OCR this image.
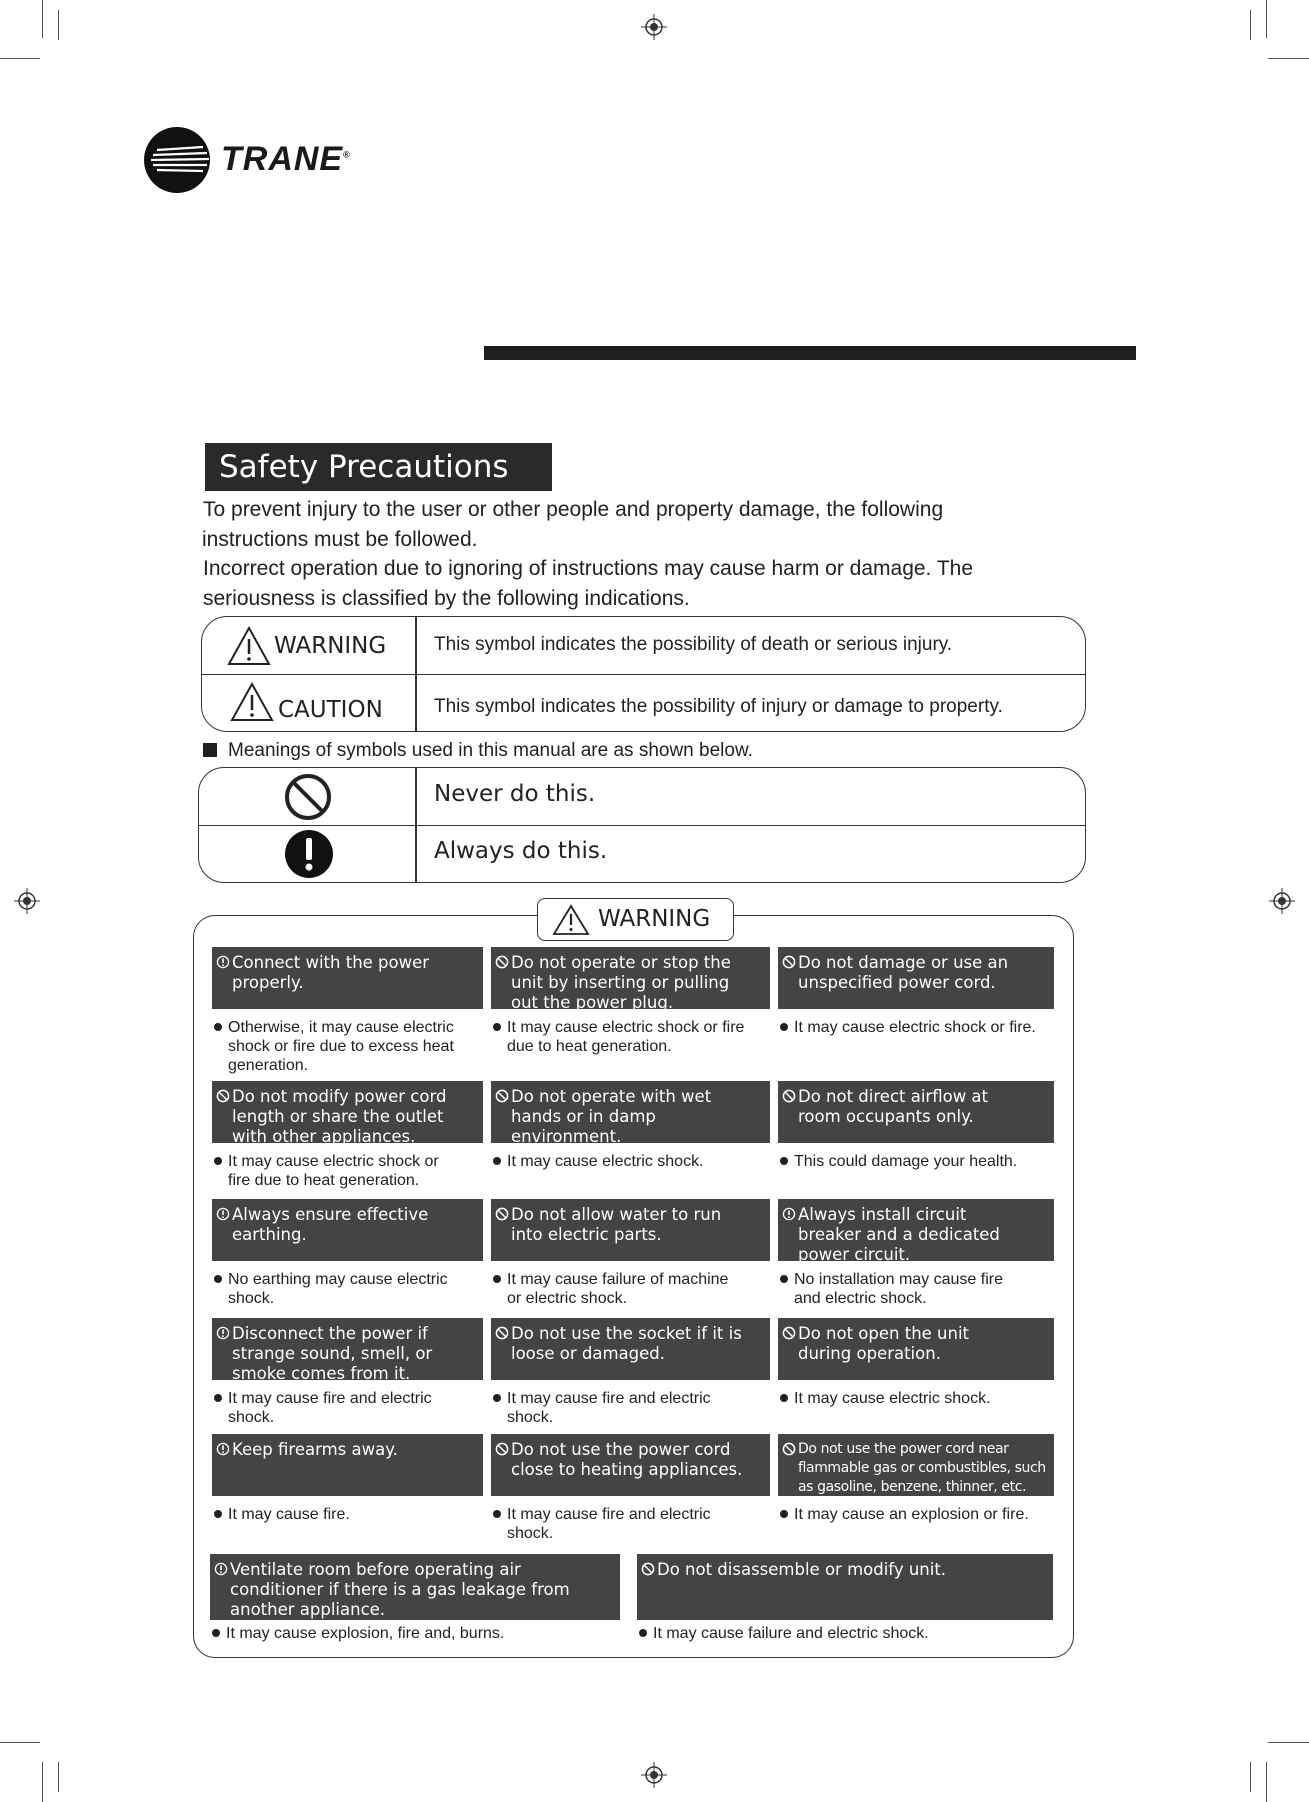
TRANE®
Safety Precautions
To prevent injury to the user or other people and property damage, the following
instructions must be followed.
Incorrect operation due to ignoring of instructions may cause harm or damage. The
seriousness is classified by the following indications.
WARNING	This symbol indicates the possibility of death or serious injury.
CAUTION	This symbol indicates the possibility of injury or damage to property.
Meanings of symbols used in this manual are as shown below.
Never do this.
Always do this.
WARNING
Connect with the power
properly.
Otherwise, it may cause electric
shock or fire due to excess heat
generation.
Do not operate or stop the
unit by inserting or pulling
out the power plug.
It may cause electric shock or fire
due to heat generation.
Do not damage or use an
unspecified power cord.
It may cause electric shock or fire.
Do not modify power cord
length or share the outlet
with other appliances.
It may cause electric shock or
fire due to heat generation.
Do not operate with wet
hands or in damp
environment.
It may cause electric shock.
Do not direct airflow at
room occupants only.
This could damage your health.
Always ensure effective
earthing.
No earthing may cause electric
shock.
Do not allow water to run
into electric parts.
It may cause failure of machine
or electric shock.
Always install circuit
breaker and a dedicated
power circuit.
No installation may cause fire
and electric shock.
Disconnect the power if
strange sound, smell, or
smoke comes from it.
It may cause fire and electric
shock.
Do not use the socket if it is
loose or damaged.
It may cause fire and electric
shock.
Do not open the unit
during operation.
It may cause electric shock.
Keep firearms away.
It may cause fire.
Do not use the power cord
close to heating appliances.
It may cause fire and electric
shock.
Do not use the power cord near
flammable gas or combustibles, such
as gasoline, benzene, thinner, etc.
It may cause an explosion or fire.
Ventilate room before operating air
conditioner if there is a gas leakage from
another appliance.
It may cause explosion, fire and, burns.
Do not disassemble or modify unit.
It may cause failure and electric shock.
